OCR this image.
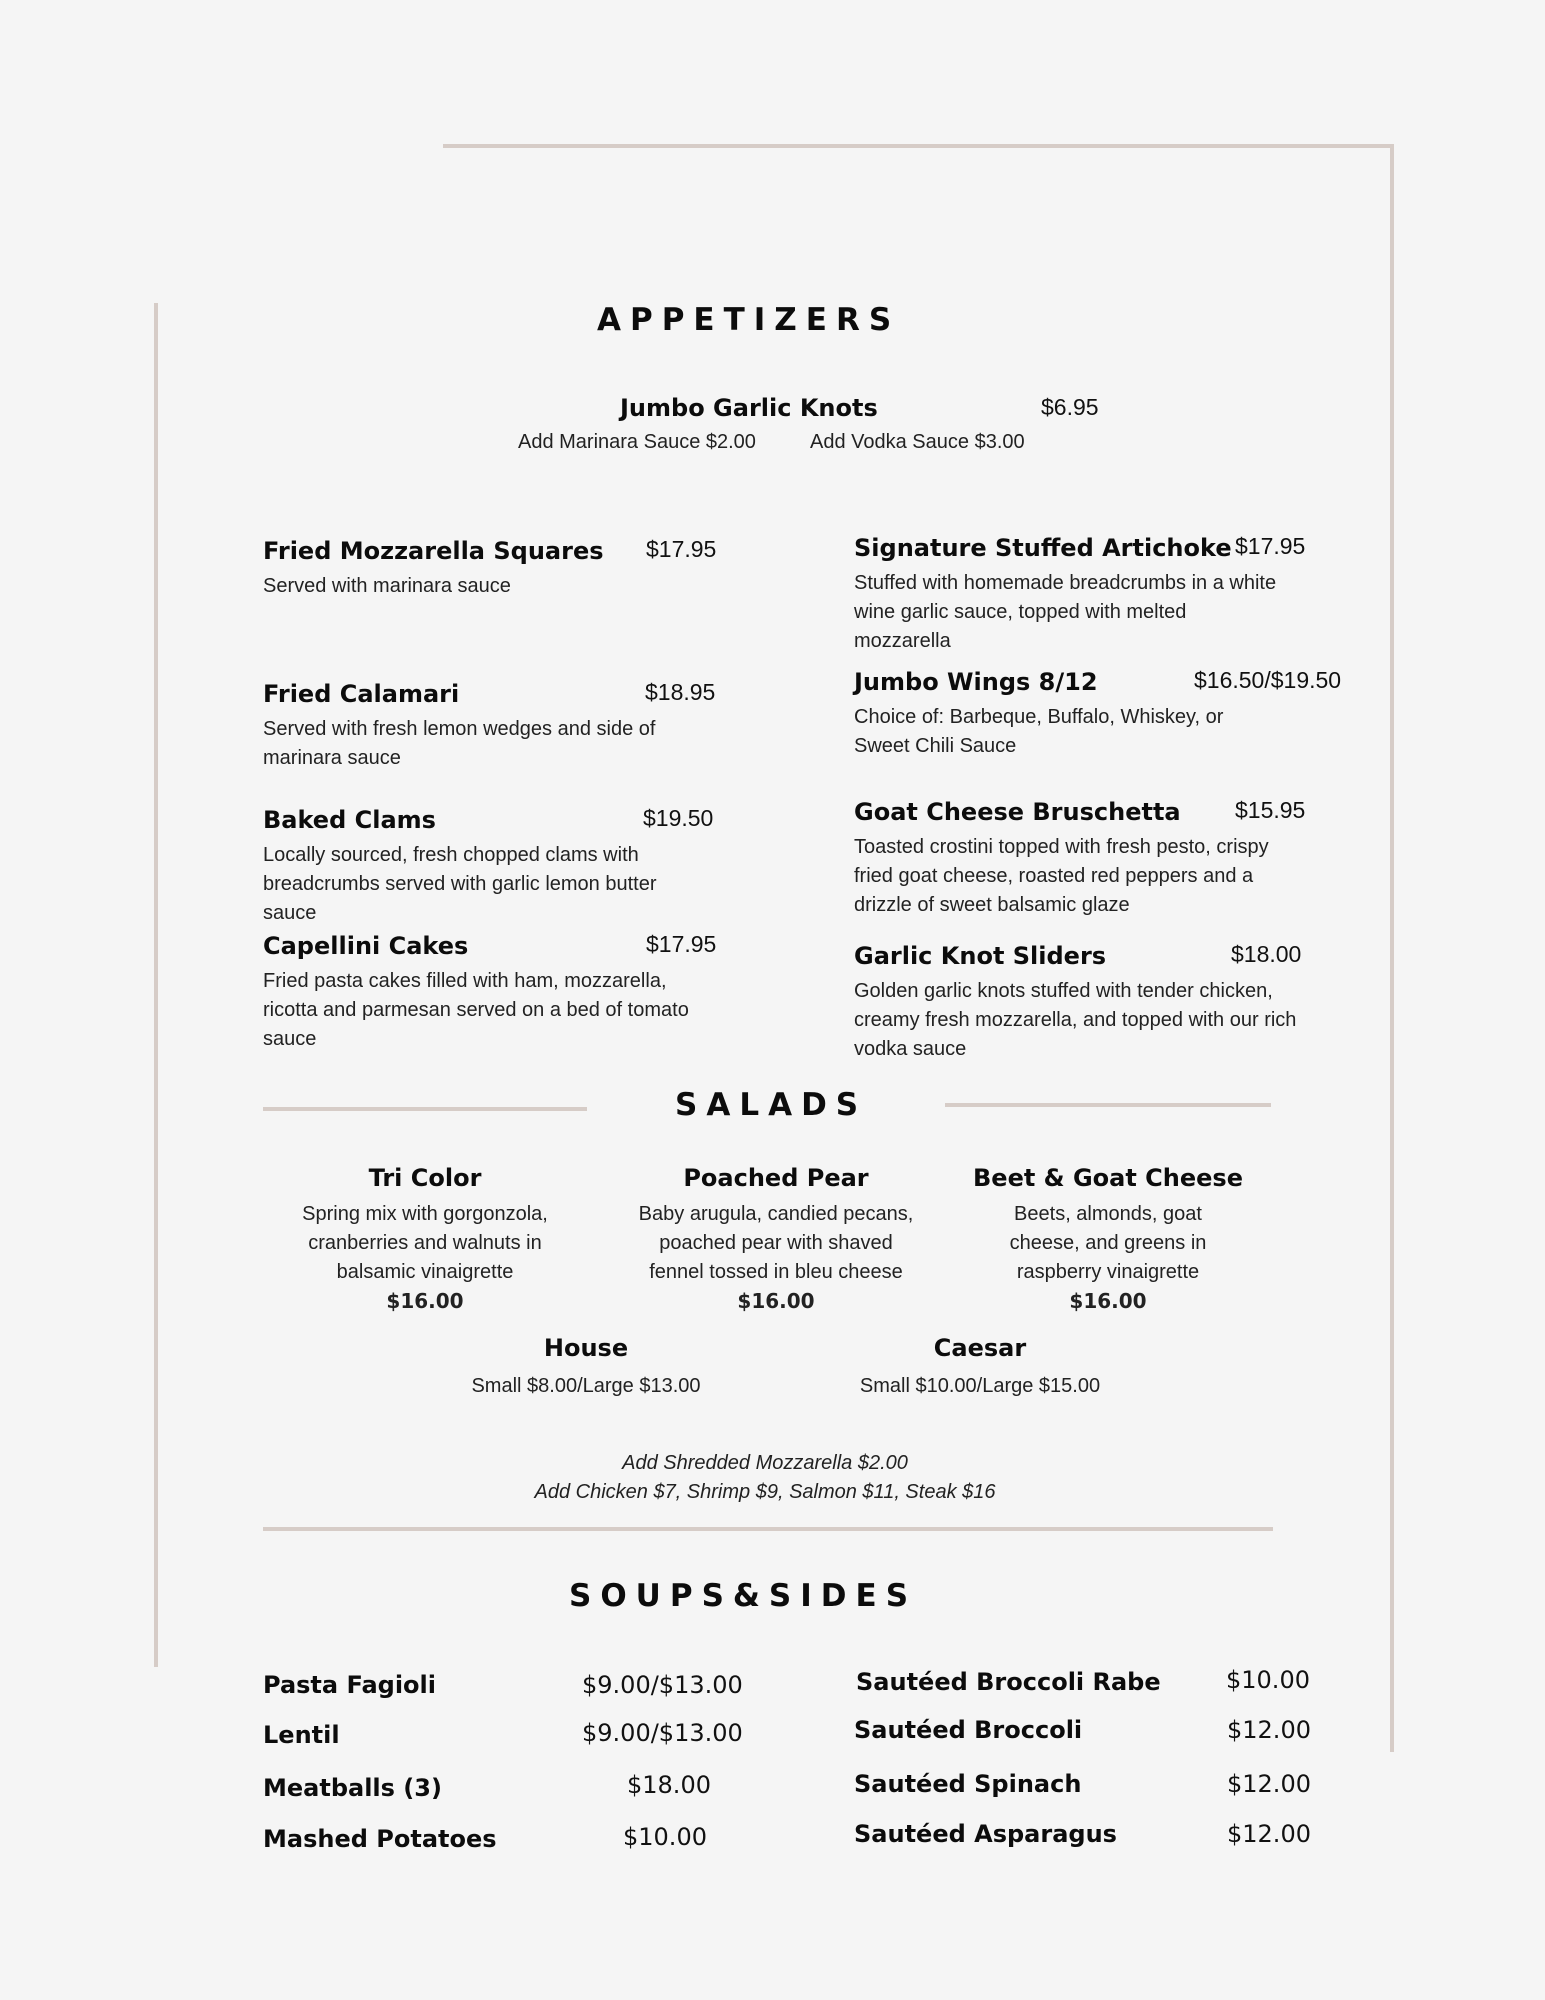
APPETIZERS
Jumbo Garlic Knots	$6.95
Add Marinara Sauce $2.00	Add Vodka Sauce $3.00
Fried Mozzarella Squares $17.95
Served with marinara sauce
Fried Calamari	$18.95
Served with fresh lemon wedges and side of marinara sauce
Baked Clams	$19.50
Locally sourced, fresh chopped clams with breadcrumbs served with garlic lemon butter sauce
Capellini Cakes	$17.95
Fried pasta cakes filled with ham, mozzarella, ricotta and parmesan served on a bed of tomato sauce
Signature Stuffed Artichoke $17.95
Stuffed with homemade breadcrumbs in a white wine garlic sauce, topped with melted mozzarella
Jumbo Wings 8/12	$16.50/$19.50
Choice of: Barbeque, Buffalo, Whiskey, or Sweet Chili Sauce
Goat Cheese Bruschetta $15.95
Toasted crostini topped with fresh pesto, crispy fried goat cheese, roasted red peppers and a drizzle of sweet balsamic glaze
Garlic Knot Sliders	$18.00
Golden garlic knots stuffed with tender chicken, creamy fresh mozzarella, and topped with our rich vodka sauce
SALADS
Tri Color
Spring mix with gorgonzola, cranberries and walnuts in balsamic vinaigrette
$16.00
Poached Pear
Baby arugula, candied pecans, poached pear with shaved fennel tossed in bleu cheese
$16.00
Beet & Goat Cheese
Beets, almonds, goat cheese, and greens in raspberry vinaigrette
$16.00
House
Small $8.00/Large $13.00
Caesar
Small $10.00/Large $15.00
Add Shredded Mozzarella $2.00
Add Chicken $7, Shrimp $9, Salmon $11, Steak $16
SOUPS&SIDES
Pasta Fagioli	$9.00/$13.00
Lentil	$9.00/$13.00
Meatballs (3)	$18.00
Mashed Potatoes	$10.00
Sautéed Broccoli Rabe	$10.00
Sautéed Broccoli	$12.00
Sautéed Spinach	$12.00
Sautéed Asparagus	$12.00
